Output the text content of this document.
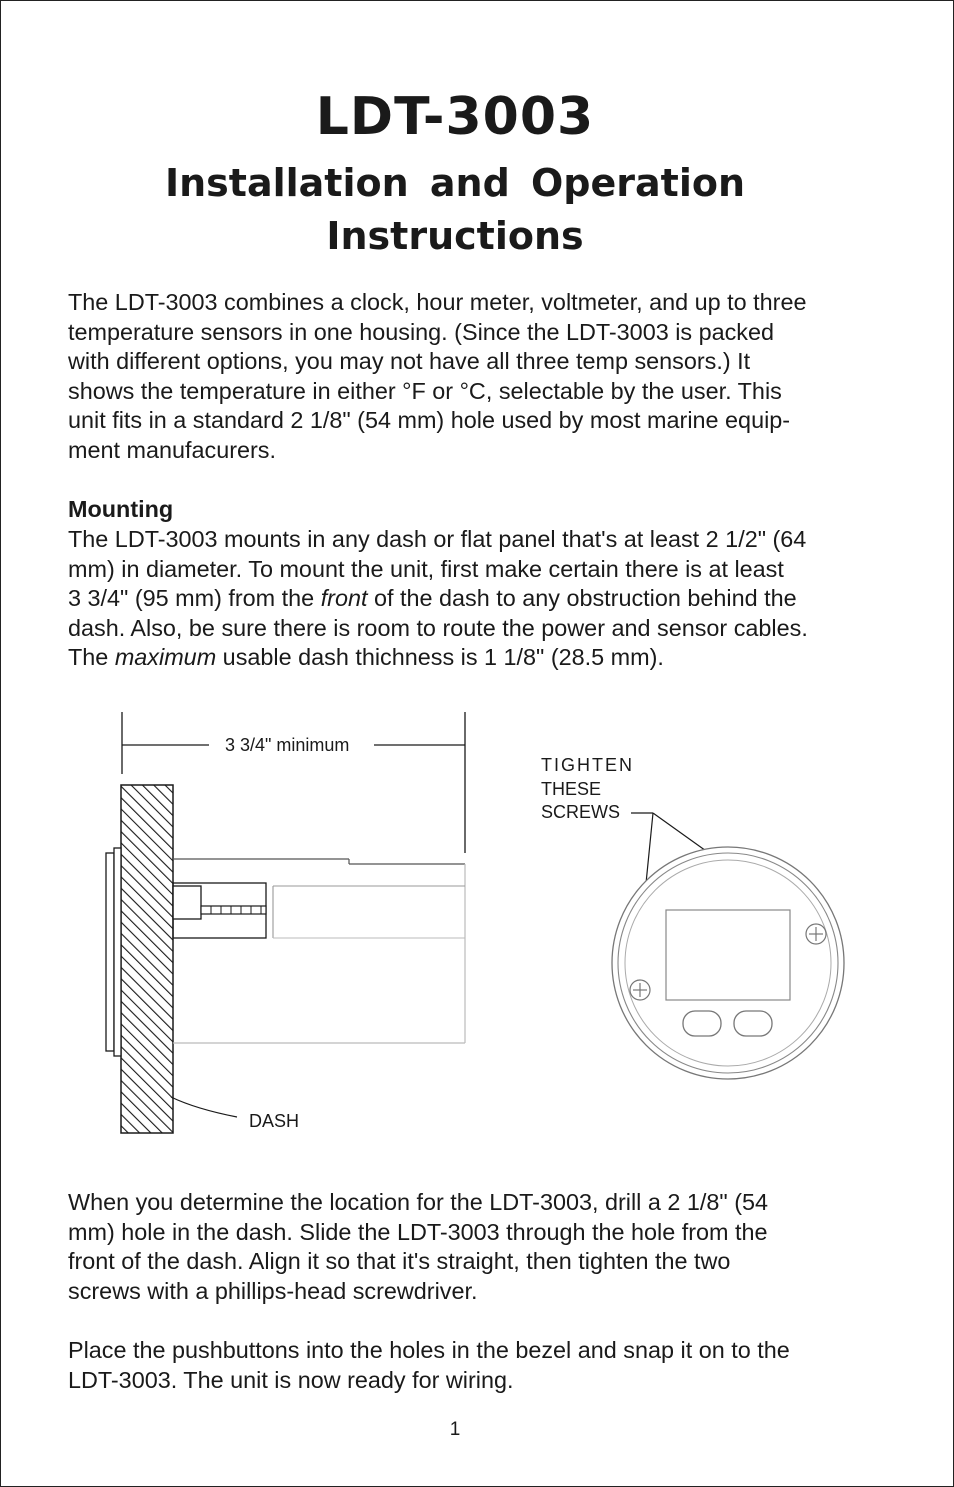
LDT-3003
Installation and Operation
Instructions

The LDT-3003 combines a clock, hour meter, voltmeter, and up to three
temperature sensors in one housing. (Since the LDT-3003 is packed
with different options, you may not have all three temp sensors.) It
shows the temperature in either °F or °C, selectable by the user. This
unit fits in a standard 2 1/8" (54 mm) hole used by most marine equip-
ment manufacurers.

Mounting

The LDT-3003 mounts in any dash or flat panel that's at least 2 1/2" (64
mm) in diameter. To mount the unit, first make certain there is at least
3 3/4" (95 mm) from the front of the dash to any obstruction behind the
dash. Also, be sure there is room to route the power and sensor cables.
The maximum usable dash thichness is 1 1/8" (28.5 mm).

3 3/4" minimum
DASH
TIGHTEN
THESE
SCREWS

When you determine the location for the LDT-3003, drill a 2 1/8" (54
mm) hole in the dash. Slide the LDT-3003 through the hole from the
front of the dash. Align it so that it's straight, then tighten the two
screws with a phillips-head screwdriver.

Place the pushbuttons into the holes in the bezel and snap it on to the
LDT-3003. The unit is now ready for wiring.

1
